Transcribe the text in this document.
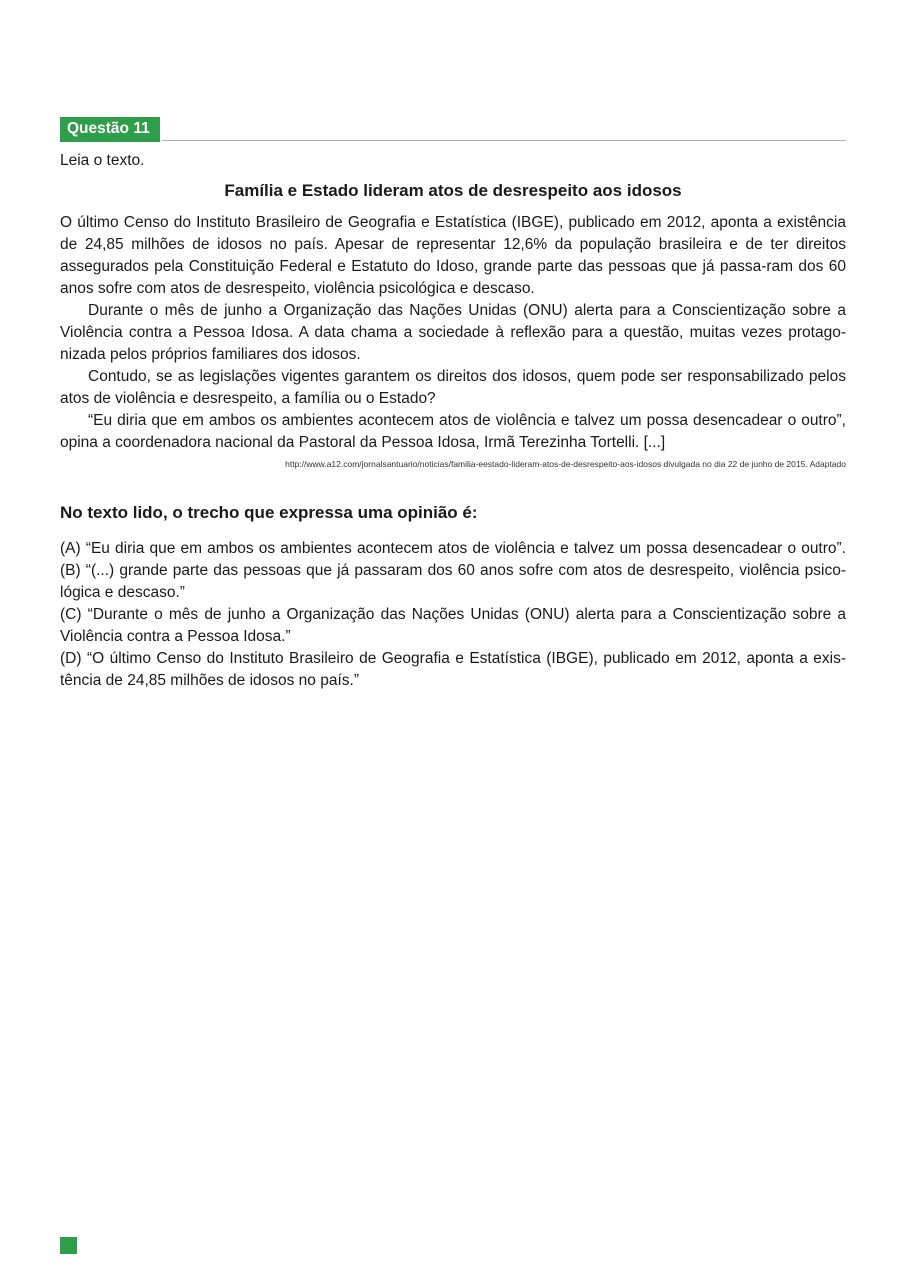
Questão 11

Leia o texto.

Família e Estado lideram atos de desrespeito aos idosos

O último Censo do Instituto Brasileiro de Geografia e Estatística (IBGE), publicado em 2012, aponta a existência de 24,85 milhões de idosos no país. Apesar de representar 12,6% da população brasileira e de ter direitos assegurados pela Constituição Federal e Estatuto do Idoso, grande parte das pessoas que já passa-ram dos 60 anos sofre com atos de desrespeito, violência psicológica e descaso.

Durante o mês de junho a Organização das Nações Unidas (ONU) alerta para a Conscientização sobre a Violência contra a Pessoa Idosa. A data chama a sociedade à reflexão para a questão, muitas vezes protago-nizada pelos próprios familiares dos idosos.

Contudo, se as legislações vigentes garantem os direitos dos idosos, quem pode ser responsabilizado pelos atos de violência e desrespeito, a família ou o Estado?

“Eu diria que em ambos os ambientes acontecem atos de violência e talvez um possa desencadear o outro”, opina a coordenadora nacional da Pastoral da Pessoa Idosa, Irmã Terezinha Tortelli. [...]

http://www.a12.com/jornalsantuario/noticias/familia-eestado-lideram-atos-de-desrespeito-aos-idosos divulgada no dia 22 de junho de 2015. Adaptado

No texto lido, o trecho que expressa uma opinião é:

(A) “Eu diria que em ambos os ambientes acontecem atos de violência e talvez um possa desencadear o outro”. (B) “(...) grande parte das pessoas que já passaram dos 60 anos sofre com atos de desrespeito, violência psico- lógica e descaso.”

(C) “Durante o mês de junho a Organização das Nações Unidas (ONU) alerta para a Conscientização sobre a Violência contra a Pessoa Idosa.”

(D) “O último Censo do Instituto Brasileiro de Geografia e Estatística (IBGE), publicado em 2012, aponta a exis-tência de 24,85 milhões de idosos no país.”
